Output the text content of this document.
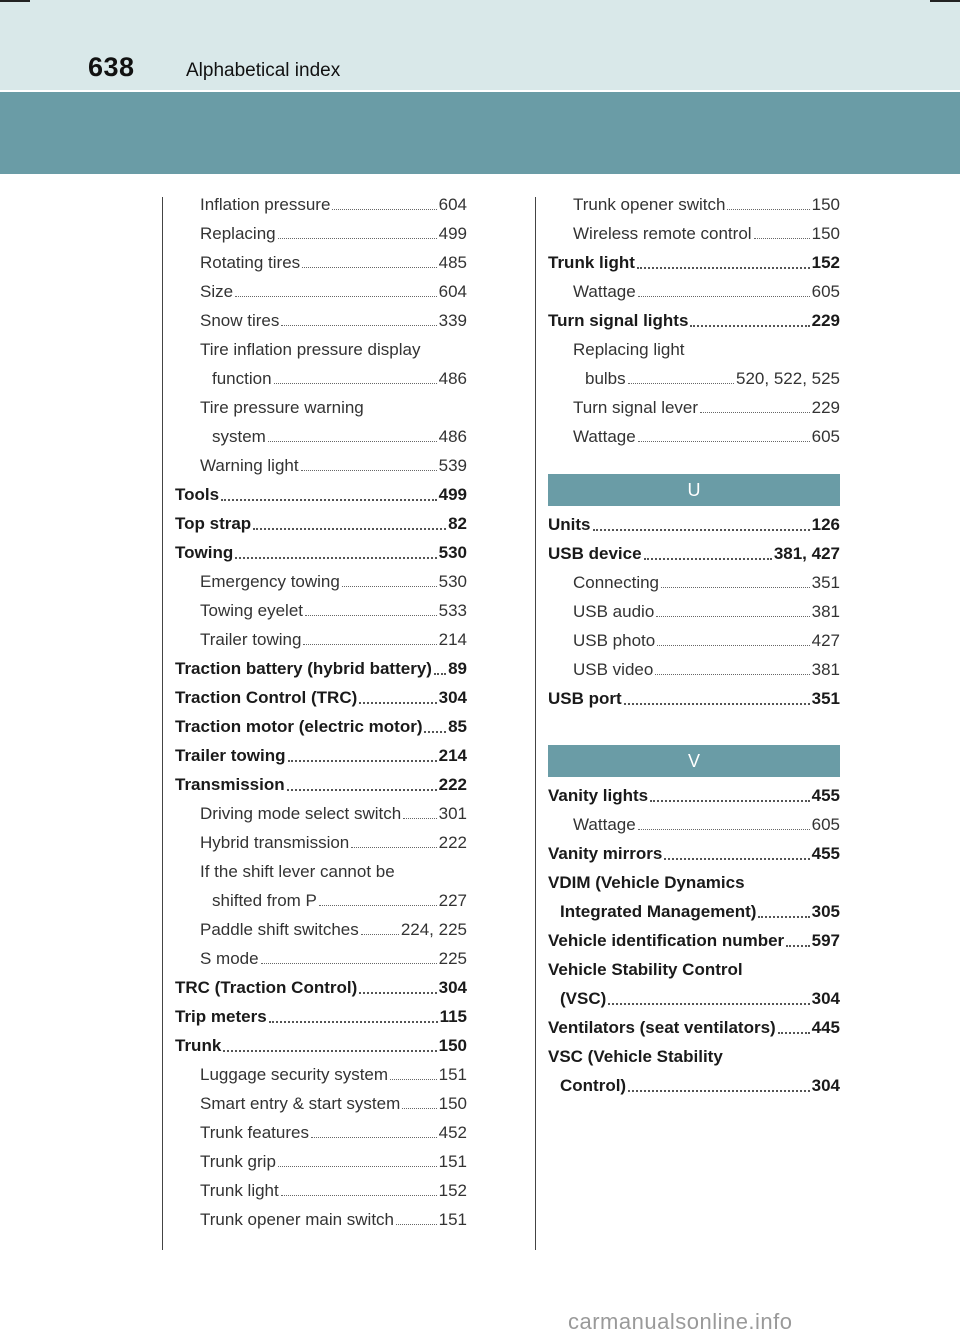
638	Alphabetical index
Inflation pressure	604
Replacing	499
Rotating tires	485
Size	604
Snow tires	339
Tire inflation pressure display
function	486
Tire pressure warning
system	486
Warning light	539
Tools	499
Top strap	82
Towing	530
Emergency towing	530
Towing eyelet	533
Trailer towing	214
Traction battery (hybrid battery) 89
Traction Control (TRC)	304
Traction motor (electric motor) 85
Trailer towing	214
Transmission	222
Driving mode select switch 301
Hybrid transmission	222
If the shift lever cannot be
shifted from P	227
Paddle shift switches 224, 225
S mode	225
TRC (Traction Control)	304
Trip meters	115
Trunk	150
Luggage security system	151
Smart entry & start system 150
Trunk features	452
Trunk grip	151
Trunk light	152
Trunk opener main switch	151
Trunk opener switch	150
Wireless remote control	150
Trunk light	152
Wattage	605
Turn signal lights	229
Replacing light
bulbs	520, 522, 525
Turn signal lever	229
Wattage	605
U
Units	126
USB device	381, 427
Connecting	351
USB audio	381
USB photo	427
USB video	381
USB port	351
V
Vanity lights	455
Wattage	605
Vanity mirrors	455
VDIM (Vehicle Dynamics
Integrated Management)	305
Vehicle identification number 597
Vehicle Stability Control
(VSC)	304
Ventilators (seat ventilators) 445
VSC (Vehicle Stability
Control)	304
carmanualsonline.info
